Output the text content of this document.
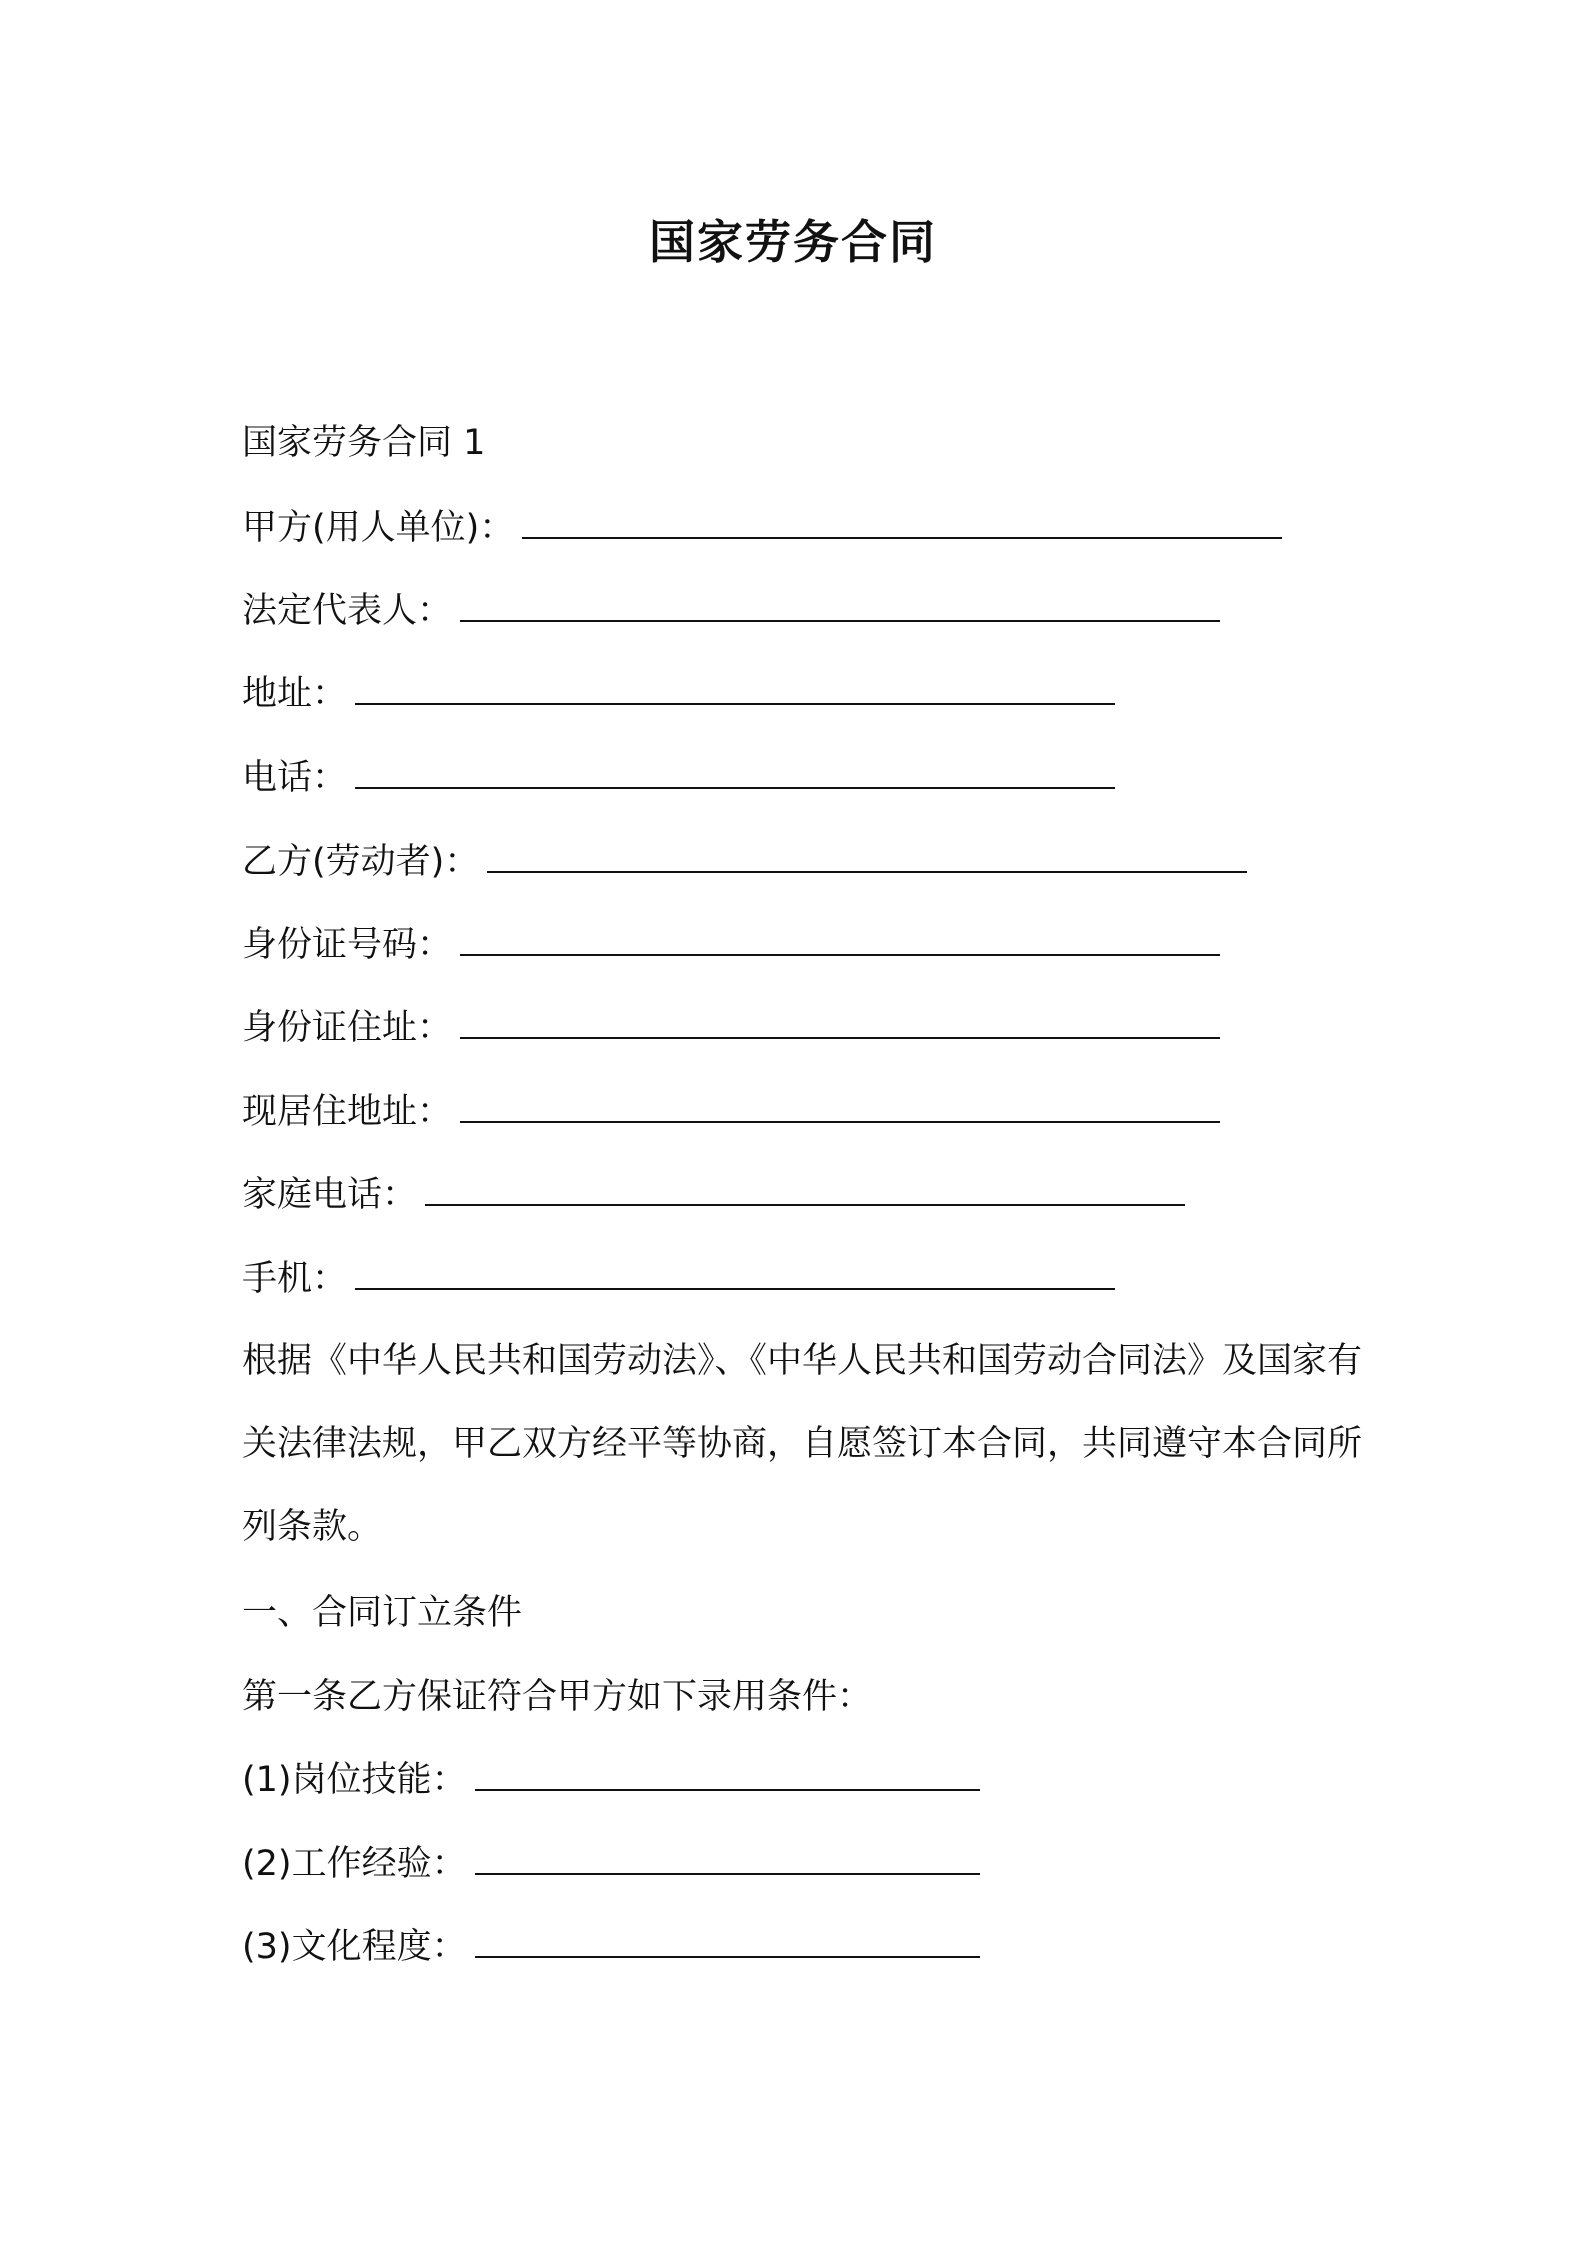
国家劳务合同
国家劳务合同 1
甲方(用人单位)：
法定代表人：
地址：
电话：
乙方(劳动者)：
身份证号码：
身份证住址：
现居住地址：
家庭电话：
手机：
根据《中华人民共和国劳动法》、《中华人民共和国劳动合同法》及国家有关法律法规，甲乙双方经平等协商，自愿签订本合同，共同遵守本合同所列条款。
一、合同订立条件
第一条乙方保证符合甲方如下录用条件：
(1)岗位技能：
(2)工作经验：
(3)文化程度：
